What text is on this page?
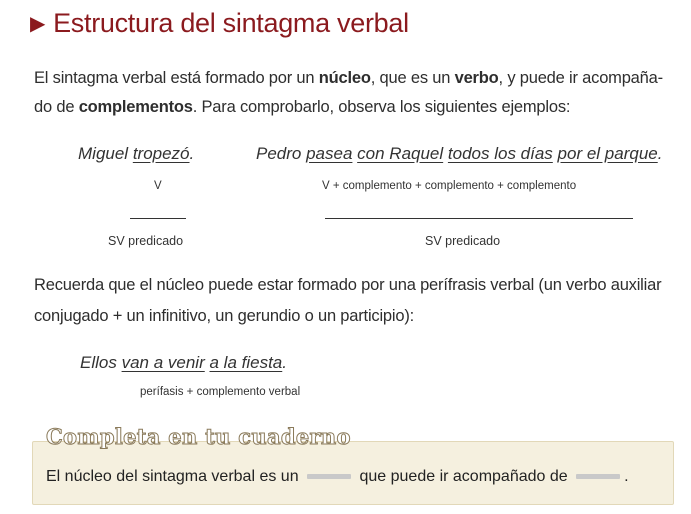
▶ Estructura del sintagma verbal
El sintagma verbal está formado por un núcleo, que es un verbo, y puede ir acompaña-
do de complementos. Para comprobarlo, observa los siguientes ejemplos:
Miguel tropezó.
V
SV predicado
Pedro pasea con Raquel todos los días por el parque.
V + complemento + complemento + complemento
SV predicado
Recuerda que el núcleo puede estar formado por una perífrasis verbal (un verbo auxiliar
conjugado + un infinitivo, un gerundio o un participio):
Ellos van a venir a la fiesta.
perífasis + complemento verbal
Completa en tu cuaderno
El núcleo del sintagma verbal es un	que puede ir acompañado de	.
